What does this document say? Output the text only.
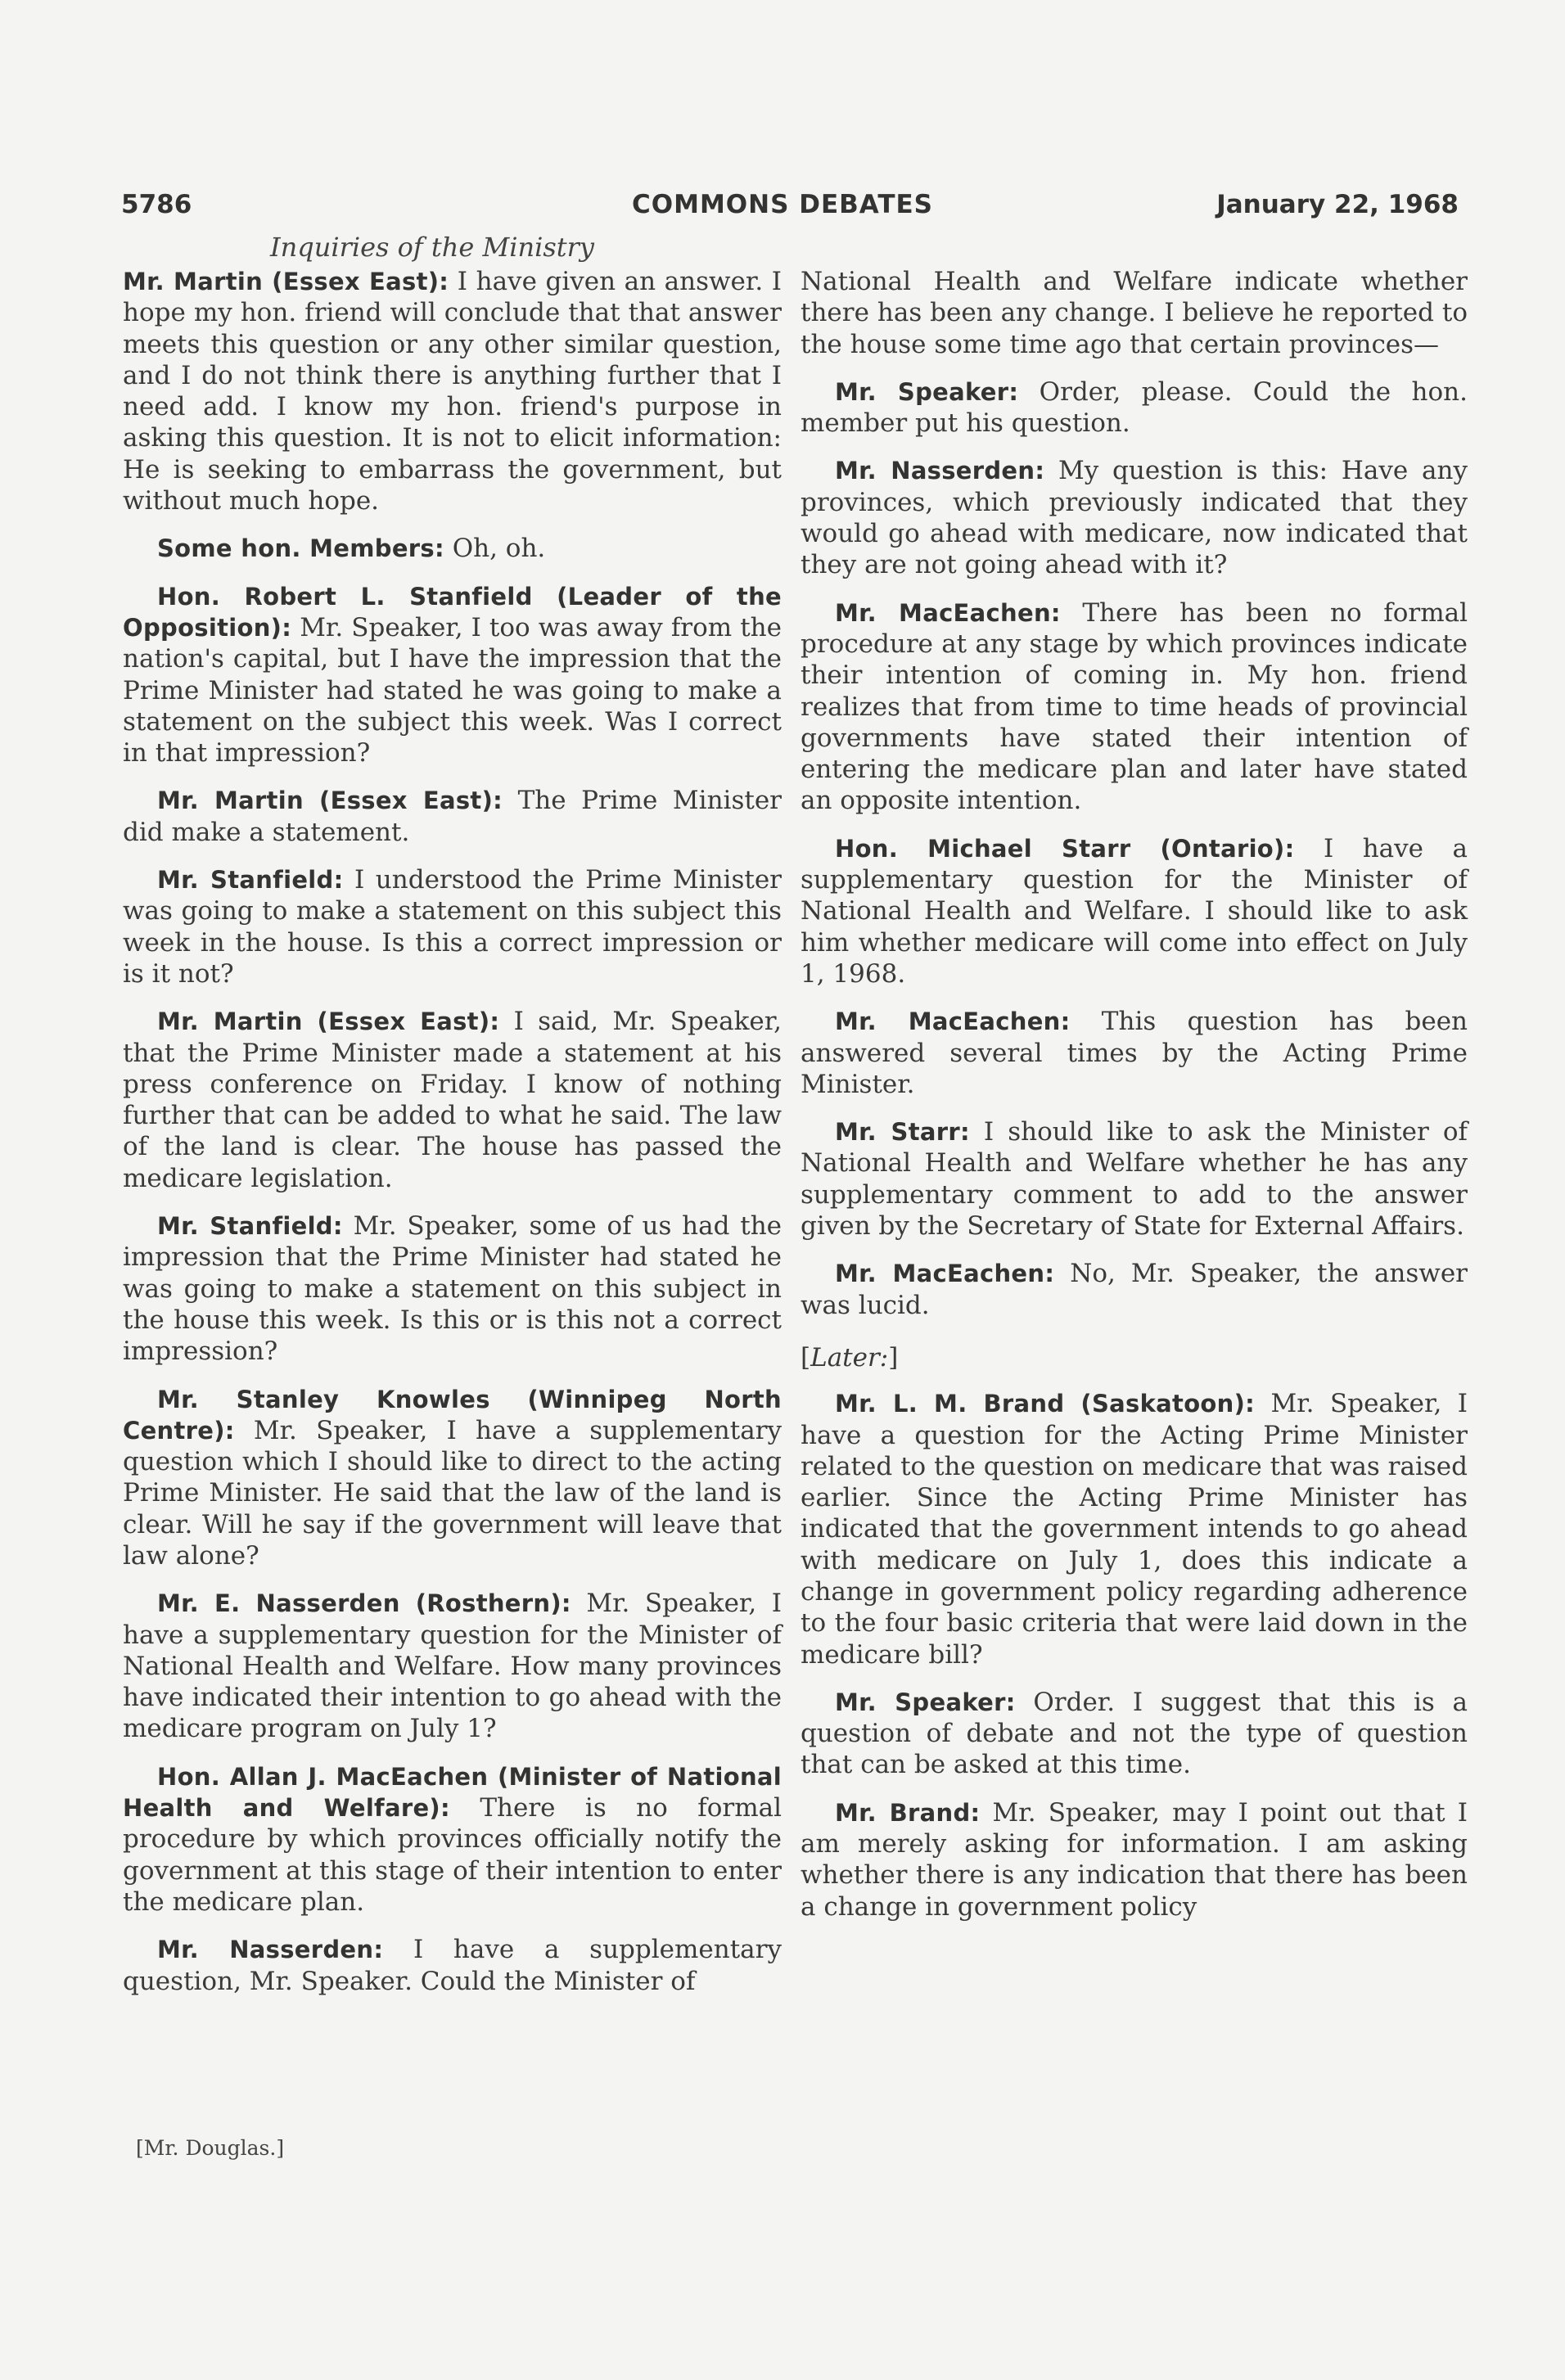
5786	COMMONS DEBATES	January 22, 1968
Inquiries of the Ministry

Mr. Martin (Essex East): I have given an answer. I hope my hon. friend will conclude that that answer meets this question or any other similar question, and I do not think there is anything further that I need add. I know my hon. friend's purpose in asking this question. It is not to elicit information: He is seeking to embarrass the government, but without much hope.

Some hon. Members: Oh, oh.

Hon. Robert L. Stanfield (Leader of the Opposition): Mr. Speaker, I too was away from the nation's capital, but I have the impression that the Prime Minister had stated he was going to make a statement on the subject this week. Was I correct in that impression?

Mr. Martin (Essex East): The Prime Minister did make a statement.

Mr. Stanfield: I understood the Prime Minister was going to make a statement on this subject this week in the house. Is this a correct impression or is it not?

Mr. Martin (Essex East): I said, Mr. Speaker, that the Prime Minister made a statement at his press conference on Friday. I know of nothing further that can be added to what he said. The law of the land is clear. The house has passed the medicare legislation.

Mr. Stanfield: Mr. Speaker, some of us had the impression that the Prime Minister had stated he was going to make a statement on this subject in the house this week. Is this or is this not a correct impression?

Mr. Stanley Knowles (Winnipeg North Centre): Mr. Speaker, I have a supplementary question which I should like to direct to the acting Prime Minister. He said that the law of the land is clear. Will he say if the government will leave that law alone?

Mr. E. Nasserden (Rosthern): Mr. Speaker, I have a supplementary question for the Minister of National Health and Welfare. How many provinces have indicated their intention to go ahead with the medicare program on July 1?

Hon. Allan J. MacEachen (Minister of National Health and Welfare): There is no formal procedure by which provinces officially notify the government at this stage of their intention to enter the medicare plan.

Mr. Nasserden: I have a supplementary question, Mr. Speaker. Could the Minister of

National Health and Welfare indicate whether there has been any change. I believe he reported to the house some time ago that certain provinces—

Mr. Speaker: Order, please. Could the hon. member put his question.

Mr. Nasserden: My question is this: Have any provinces, which previously indicated that they would go ahead with medicare, now indicated that they are not going ahead with it?

Mr. MacEachen: There has been no formal procedure at any stage by which provinces indicate their intention of coming in. My hon. friend realizes that from time to time heads of provincial governments have stated their intention of entering the medicare plan and later have stated an opposite intention.

Hon. Michael Starr (Ontario): I have a supplementary question for the Minister of National Health and Welfare. I should like to ask him whether medicare will come into effect on July 1, 1968.

Mr. MacEachen: This question has been answered several times by the Acting Prime Minister.

Mr. Starr: I should like to ask the Minister of National Health and Welfare whether he has any supplementary comment to add to the answer given by the Secretary of State for External Affairs.

Mr. MacEachen: No, Mr. Speaker, the answer was lucid.

[Later:]

Mr. L. M. Brand (Saskatoon): Mr. Speaker, I have a question for the Acting Prime Minister related to the question on medicare that was raised earlier. Since the Acting Prime Minister has indicated that the government intends to go ahead with medicare on July 1, does this indicate a change in government policy regarding adherence to the four basic criteria that were laid down in the medicare bill?

Mr. Speaker: Order. I suggest that this is a question of debate and not the type of question that can be asked at this time.

Mr. Brand: Mr. Speaker, may I point out that I am merely asking for information. I am asking whether there is any indication that there has been a change in government policy

[Mr. Douglas.]
